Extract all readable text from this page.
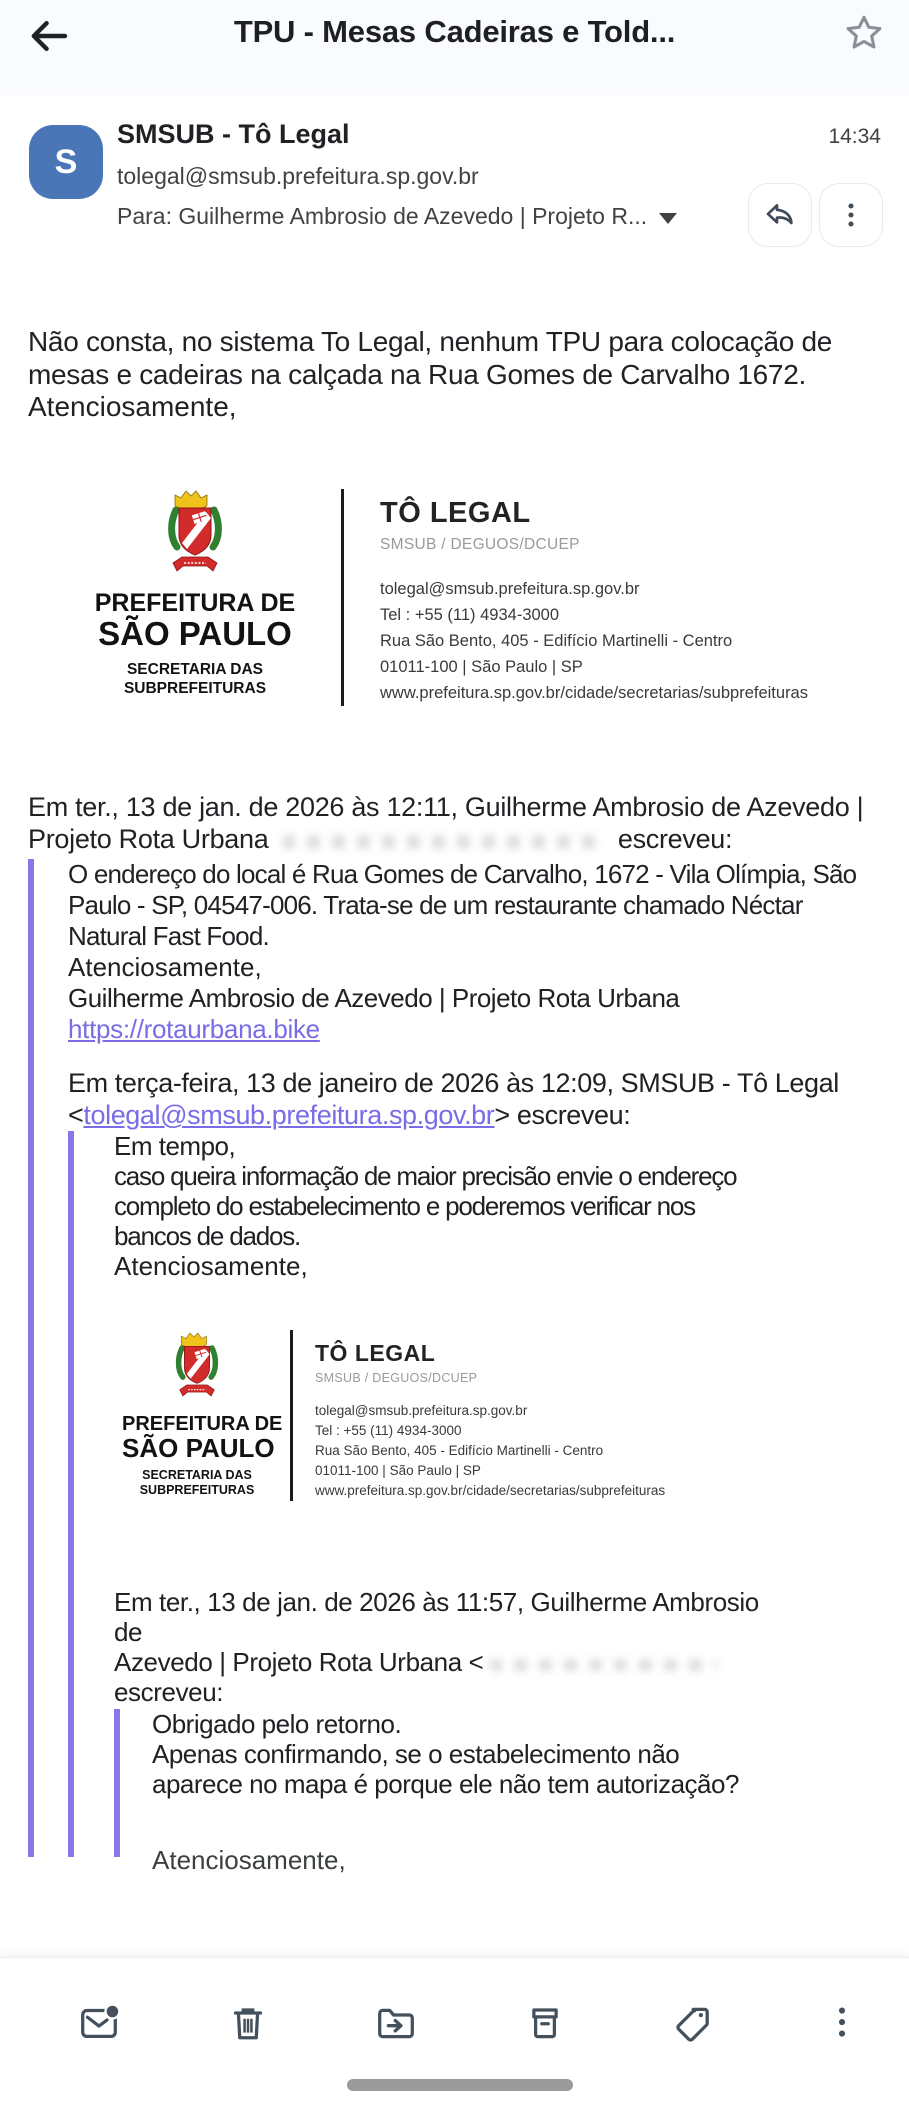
TPU - Mesas Cadeiras e Told...
S
SMSUB - Tô Legal	14:34
tolegal@smsub.prefeitura.sp.gov.br
Para: Guilherme Ambrosio de Azevedo | Projeto R...

Não consta, no sistema To Legal, nenhum TPU para colocação de mesas e cadeiras na calçada na Rua Gomes de Carvalho 1672.

Atenciosamente,

PREFEITURA DE
SÃO PAULO
SECRETARIA DAS
SUBPREFEITURAS
TÔ LEGAL
SMSUB / DEGUOS/DCUEP
tolegal@smsub.prefeitura.sp.gov.br
Tel : +55 (11) 4934-3000
Rua São Bento, 405 - Edifício Martinelli - Centro
01011-100 | São Paulo | SP
www.prefeitura.sp.gov.br/cidade/secretarias/subprefeituras
Em ter., 13 de jan. de 2026 às 12:11, Guilherme Ambrosio de Azevedo |
Projeto Rota Urbana	escreveu:

O endereço do local é Rua Gomes de Carvalho, 1672 - Vila Olímpia, São Paulo - SP, 04547-006. Trata-se de um restaurante chamado Néctar Natural Fast Food.

Atenciosamente,

Guilherme Ambrosio de Azevedo | Projeto Rota Urbana

https://rotaurbana.bike

Em terça-feira, 13 de janeiro de 2026 às 12:09, SMSUB - Tô Legal
<tolegal@smsub.prefeitura.sp.gov.br> escreveu:

Em tempo,

caso queira informação de maior precisão envie o endereço completo do estabelecimento e poderemos verificar nos bancos de dados.

Atenciosamente,

PREFEITURA DE
SÃO PAULO
SECRETARIA DAS
SUBPREFEITURAS
TÔ LEGAL
SMSUB / DEGUOS/DCUEP
tolegal@smsub.prefeitura.sp.gov.br
Tel : +55 (11) 4934-3000
Rua São Bento, 405 - Edifício Martinelli - Centro
01011-100 | São Paulo | SP
www.prefeitura.sp.gov.br/cidade/secretarias/subprefeituras
Em ter., 13 de jan. de 2026 às 11:57, Guilherme Ambrosio de
Azevedo | Projeto Rota Urbana <
escreveu:

Obrigado pelo retorno.

Apenas confirmando, se o estabelecimento não aparece no mapa é porque ele não tem autorização?

Atenciosamente,
